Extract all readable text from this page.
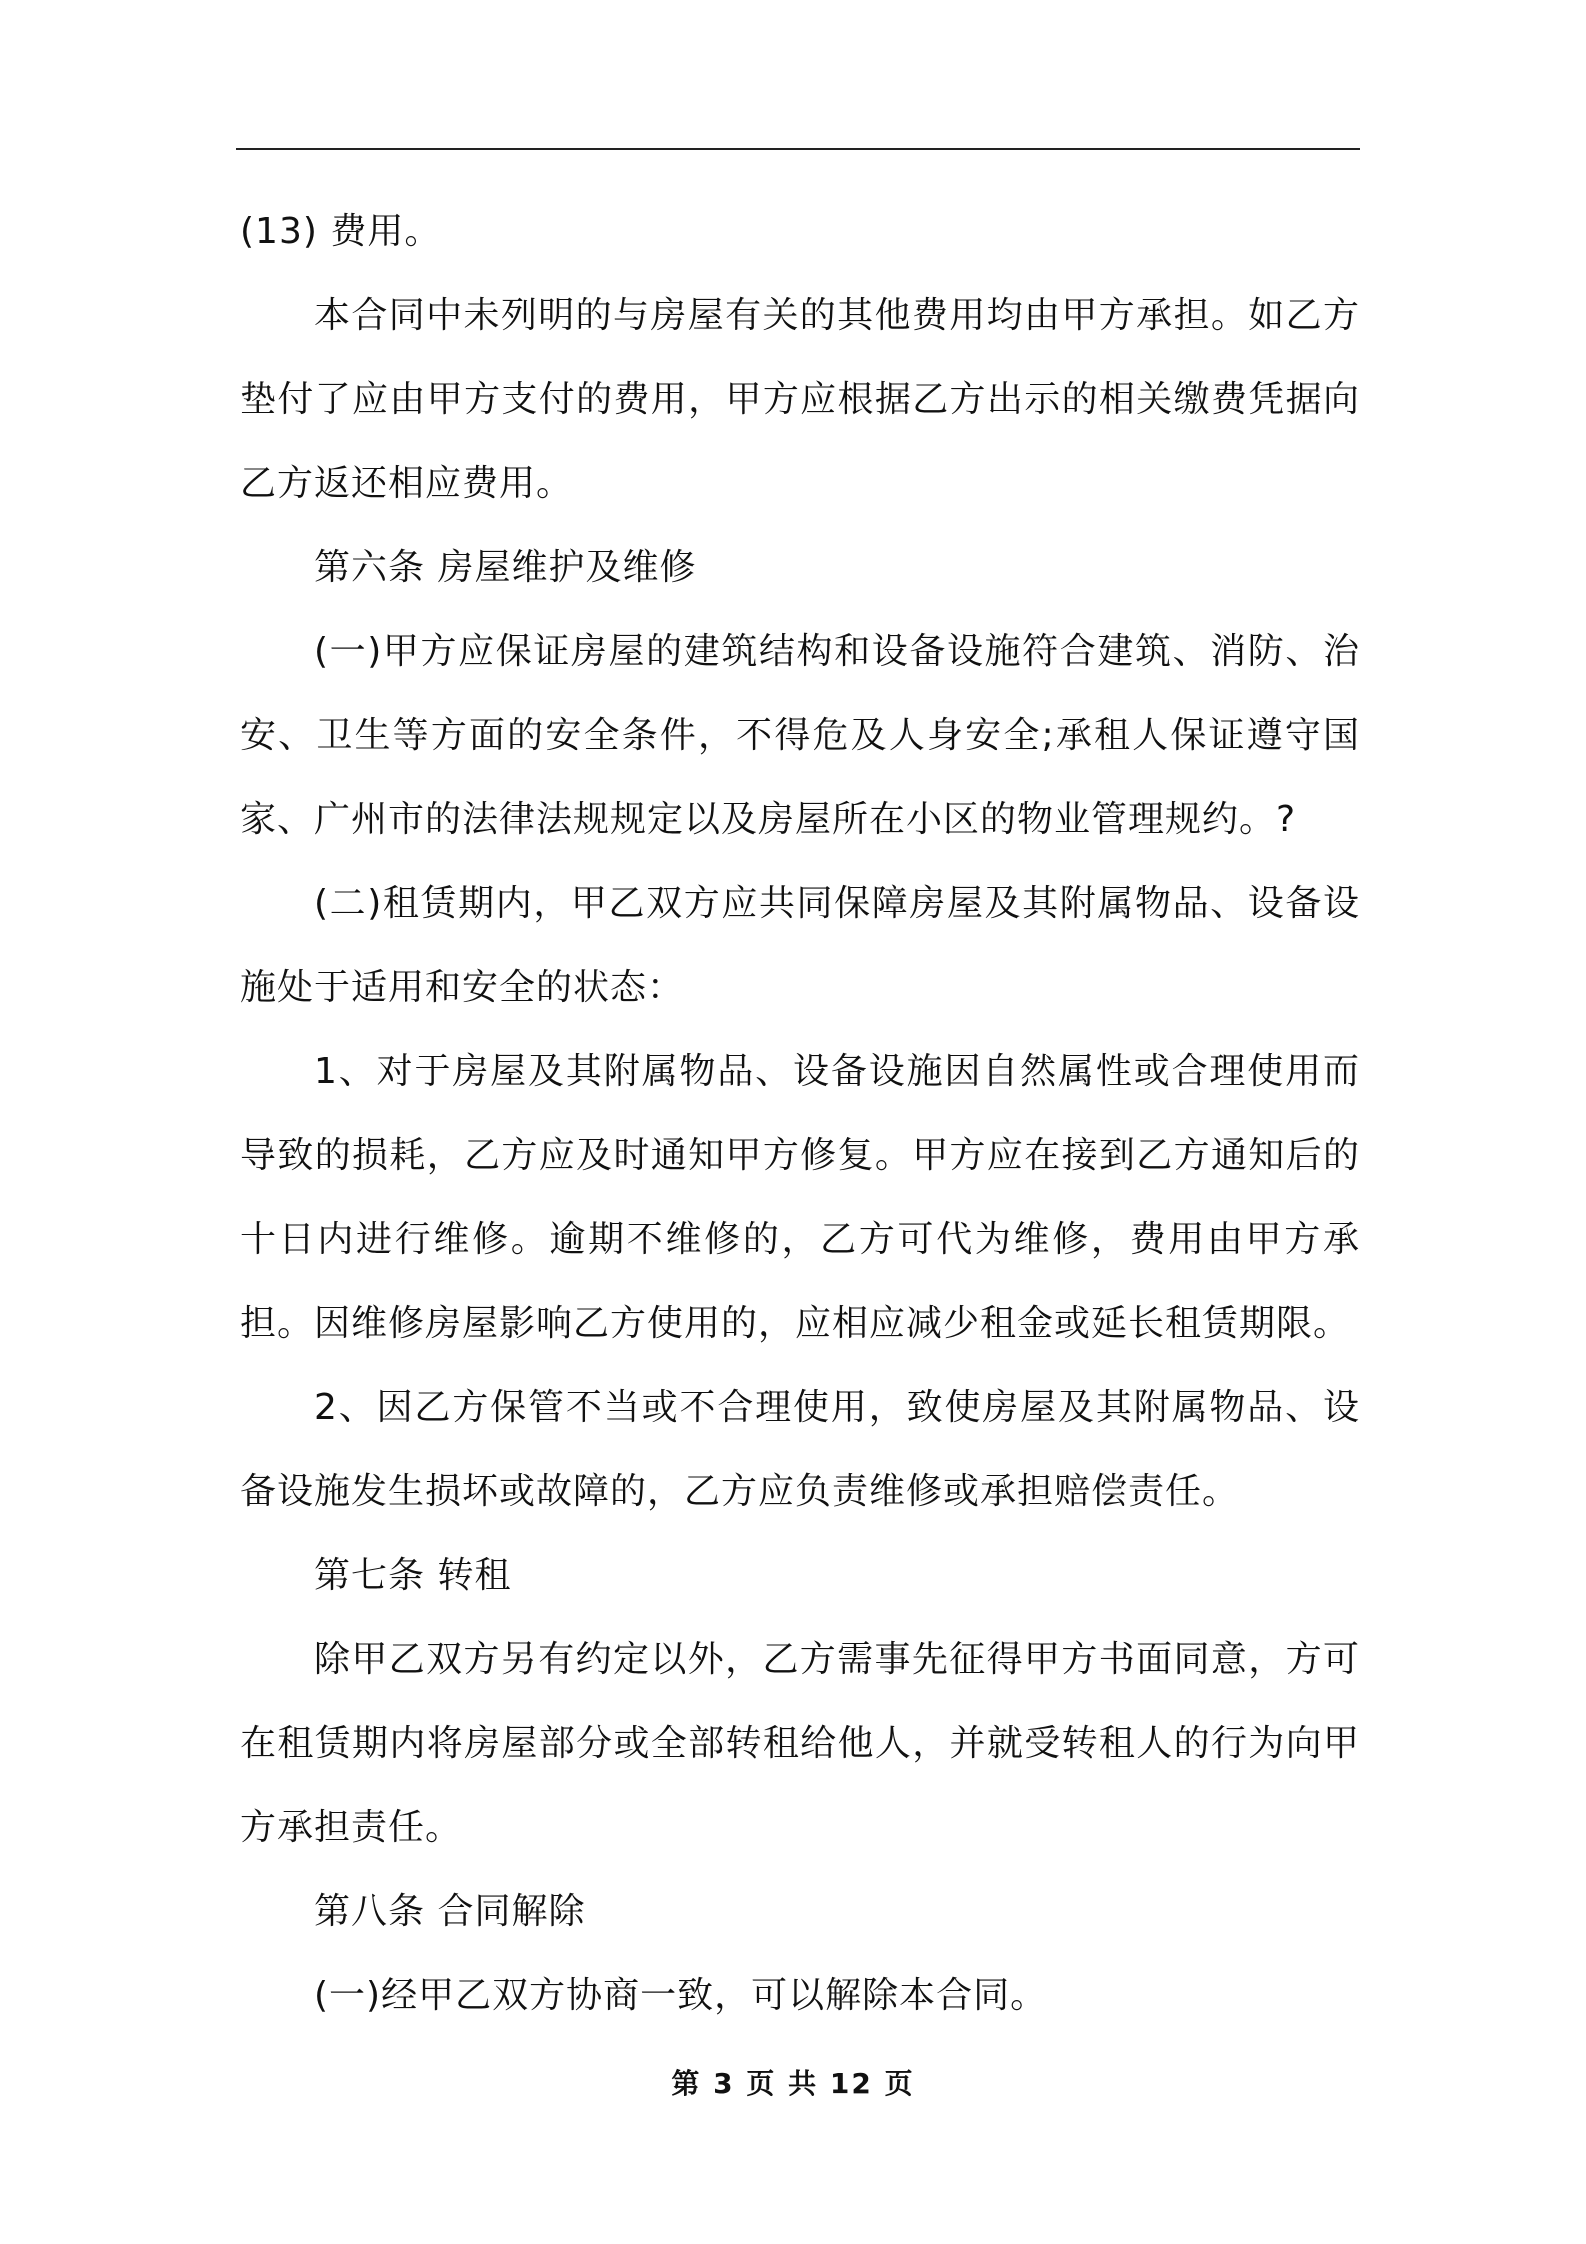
(13) 费用。

本合同中未列明的与房屋有关的其他费用均由甲方承担。如乙方垫付了应由甲方支付的费用，甲方应根据乙方出示的相关缴费凭据向乙方返还相应费用。

第六条 房屋维护及维修

(一)甲方应保证房屋的建筑结构和设备设施符合建筑、消防、治安、卫生等方面的安全条件，不得危及人身安全;承租人保证遵守国家、广州市的法律法规规定以及房屋所在小区的物业管理规约。?

(二)租赁期内，甲乙双方应共同保障房屋及其附属物品、设备设施处于适用和安全的状态：

1、对于房屋及其附属物品、设备设施因自然属性或合理使用而导致的损耗，乙方应及时通知甲方修复。甲方应在接到乙方通知后的十日内进行维修。逾期不维修的，乙方可代为维修，费用由甲方承担。因维修房屋影响乙方使用的，应相应减少租金或延长租赁期限。

2、因乙方保管不当或不合理使用，致使房屋及其附属物品、设备设施发生损坏或故障的，乙方应负责维修或承担赔偿责任。

第七条 转租

除甲乙双方另有约定以外，乙方需事先征得甲方书面同意，方可在租赁期内将房屋部分或全部转租给他人，并就受转租人的行为向甲方承担责任。

第八条 合同解除

(一)经甲乙双方协商一致，可以解除本合同。

第 3 页 共 12 页
